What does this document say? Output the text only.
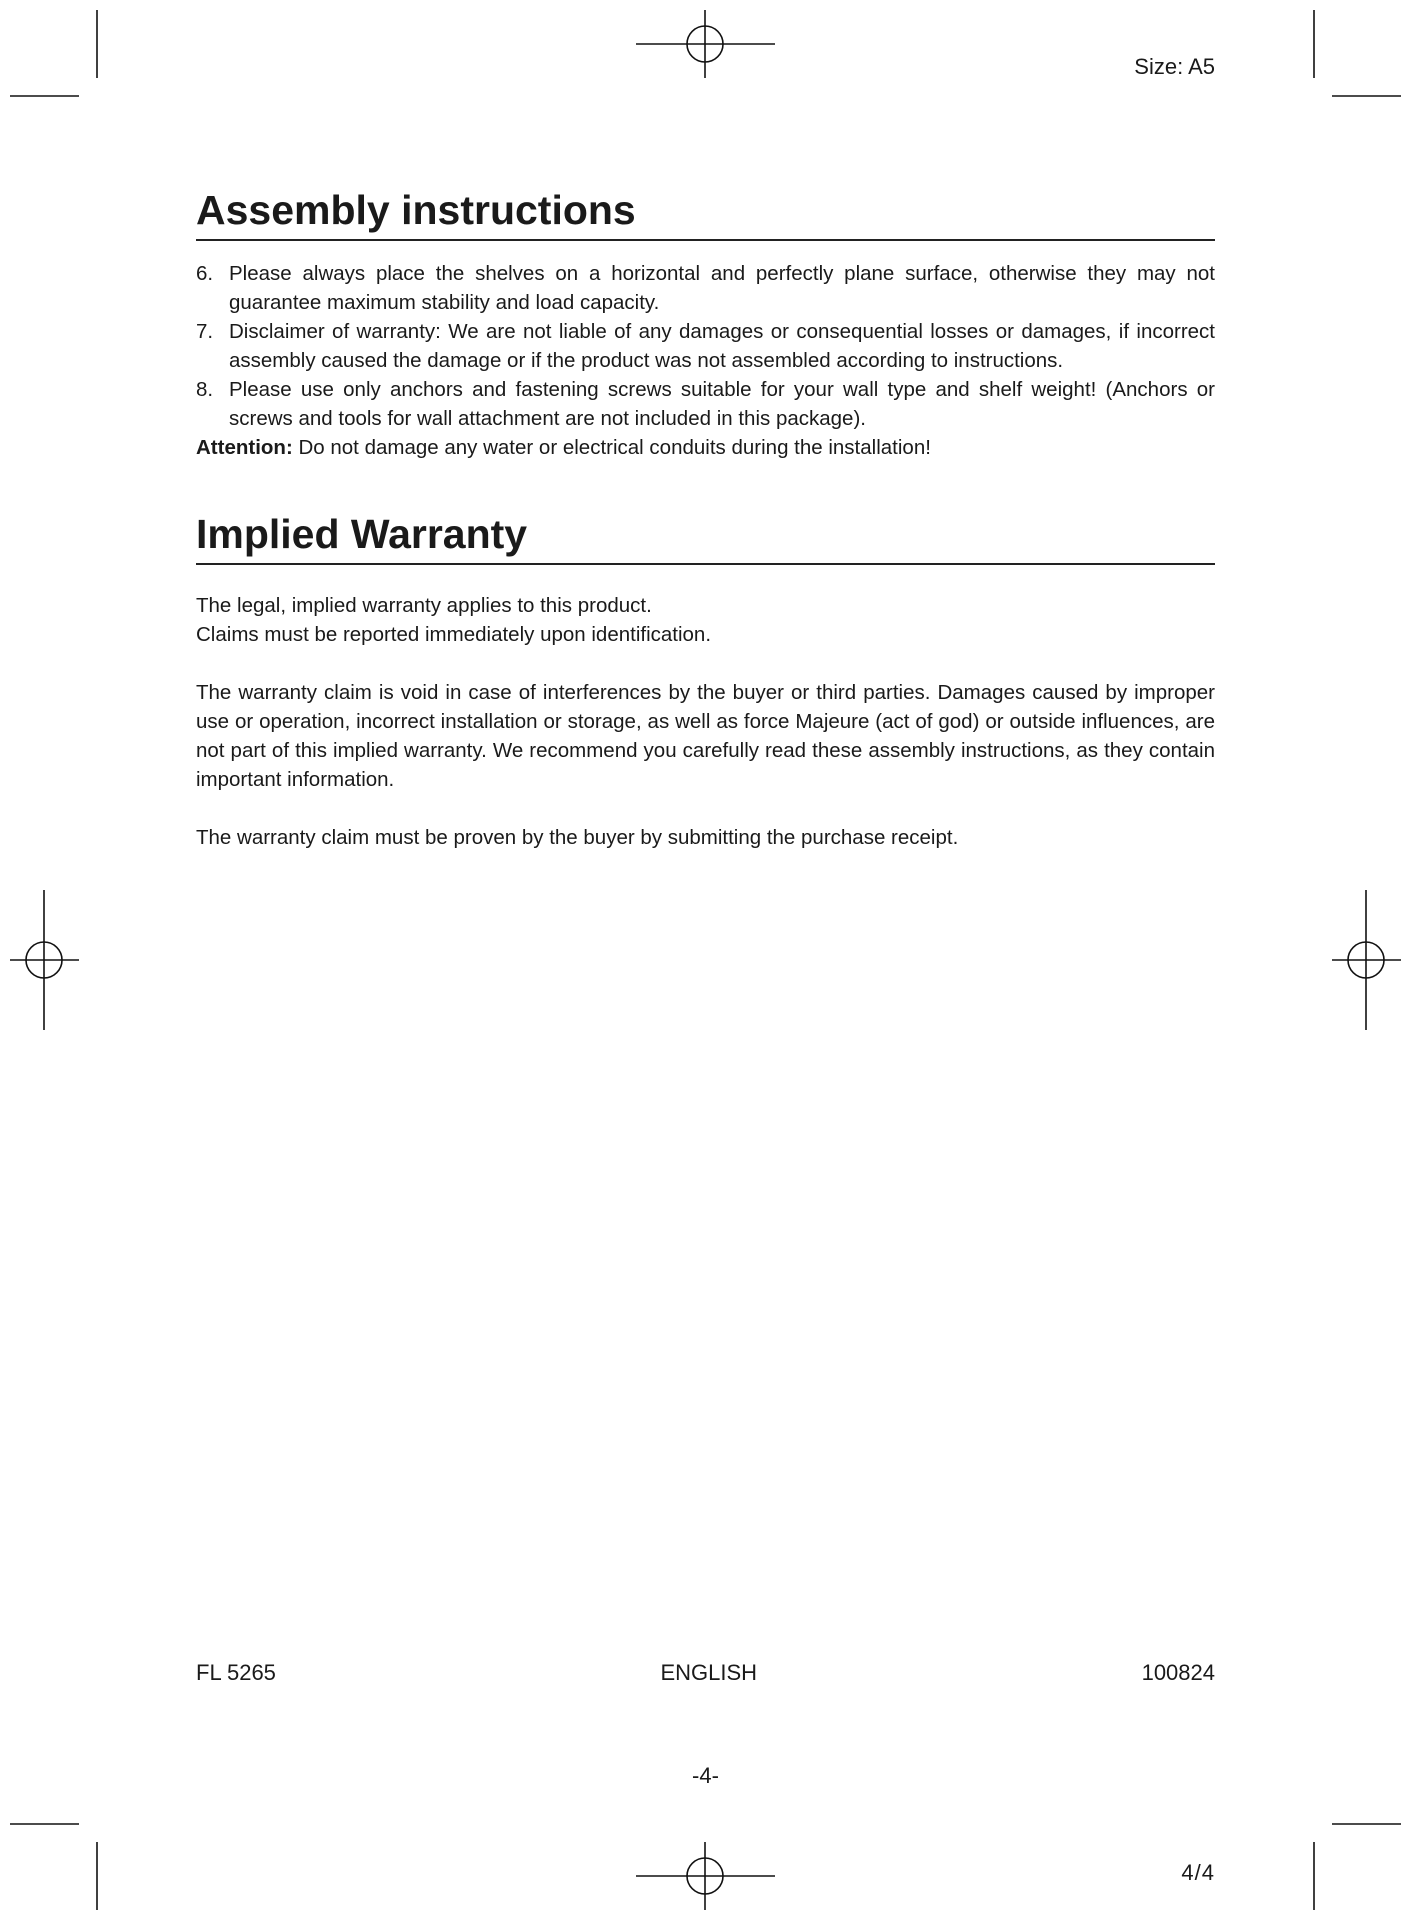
Size: A5
Assembly instructions
6. Please always place the shelves on a horizontal and perfectly plane surface, otherwise they may not guarantee maximum stability and load capacity.
7. Disclaimer of warranty: We are not liable of any damages or consequential losses or damages, if incorrect assembly caused the damage or if the product was not assembled according to instructions.
8. Please use only anchors and fastening screws suitable for your wall type and shelf weight! (Anchors or screws and tools for wall attachment are not included in this package).

Attention: Do not damage any water or electrical conduits during the installation!

Implied Warranty

The legal, implied warranty applies to this product.

Claims must be reported immediately upon identification.

The warranty claim is void in case of interferences by the buyer or third parties. Damages caused by improper use or operation, incorrect installation or storage, as well as force Majeure (act of god) or outside influences, are not part of this implied warranty. We recommend you carefully read these assembly instructions, as they contain important information.

The warranty claim must be proven by the buyer by submitting the purchase receipt.

FL 5265	ENGLISH	100824
-4-
4/4
